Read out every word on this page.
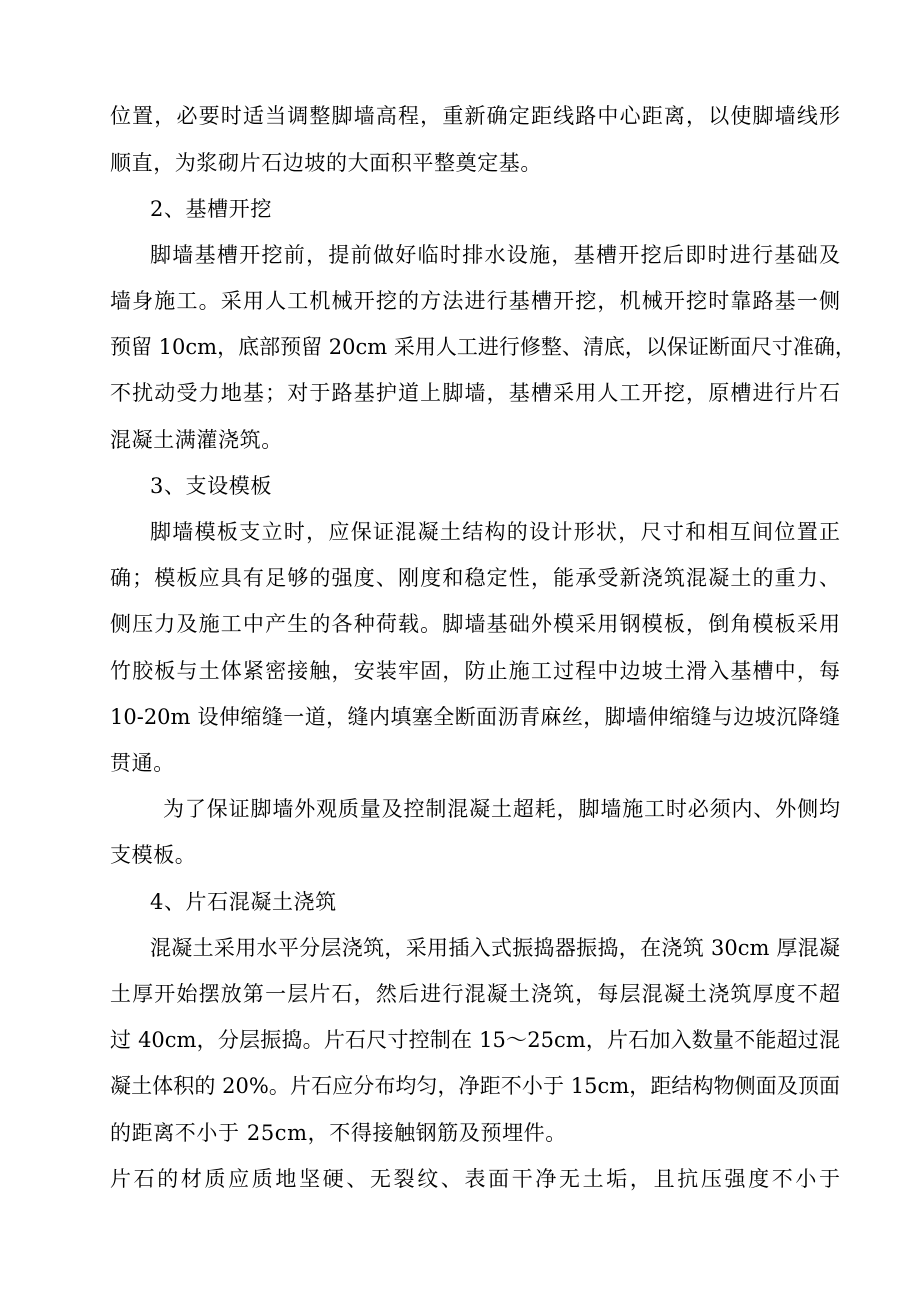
位置，必要时适当调整脚墙高程，重新确定距线路中心距离，以使脚墙线形
顺直，为浆砌片石边坡的大面积平整奠定基。
2、基槽开挖
脚墙基槽开挖前，提前做好临时排水设施，基槽开挖后即时进行基础及
墙身施工。采用人工机械开挖的方法进行基槽开挖，机械开挖时靠路基一侧
预留 10cm，底部预留 20cm 采用人工进行修整、清底，以保证断面尺寸准确，
不扰动受力地基；对于路基护道上脚墙，基槽采用人工开挖，原槽进行片石
混凝土满灌浇筑。
3、支设模板
脚墙模板支立时，应保证混凝土结构的设计形状，尺寸和相互间位置正
确；模板应具有足够的强度、刚度和稳定性，能承受新浇筑混凝土的重力、
侧压力及施工中产生的各种荷载。脚墙基础外模采用钢模板，倒角模板采用
竹胶板与土体紧密接触，安装牢固，防止施工过程中边坡土滑入基槽中，每
10-20m 设伸缩缝一道，缝内填塞全断面沥青麻丝，脚墙伸缩缝与边坡沉降缝
贯通。
为了保证脚墙外观质量及控制混凝土超耗，脚墙施工时必须内、外侧均
支模板。
4、片石混凝土浇筑
混凝土采用水平分层浇筑，采用插入式振捣器振捣，在浇筑 30cm 厚混凝
土厚开始摆放第一层片石，然后进行混凝土浇筑，每层混凝土浇筑厚度不超
过 40cm，分层振捣。片石尺寸控制在 15～25cm，片石加入数量不能超过混
凝土体积的 20%。片石应分布均匀，净距不小于 15cm，距结构物侧面及顶面
的距离不小于 25cm，不得接触钢筋及预埋件。
片石的材质应质地坚硬、无裂纹、表面干净无土垢，且抗压强度不小于
